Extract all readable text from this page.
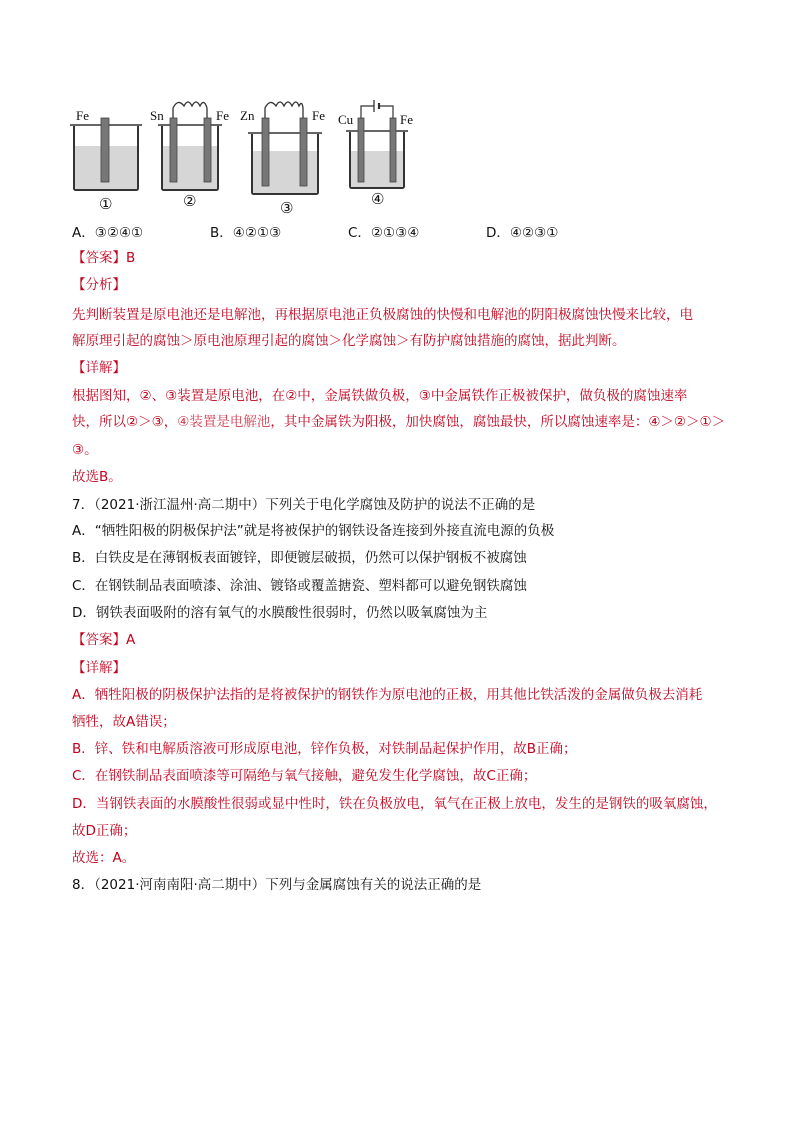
Fe
①
Sn	Fe
②
Zn	Fe
③
Cu	Fe
④
A．③②④①	B．④②①③	C．②①③④	D．④②③①
【答案】B
【分析】
先判断装置是原电池还是电解池，再根据原电池正负极腐蚀的快慢和电解池的阴阳极腐蚀快慢来比较，电
解原理引起的腐蚀＞原电池原理引起的腐蚀＞化学腐蚀＞有防护腐蚀措施的腐蚀，据此判断。
【详解】
根据图知，②、③装置是原电池，在②中，金属铁做负极，③中金属铁作正极被保护，做负极的腐蚀速率
快，所以②＞③，④装置是电解池，其中金属铁为阳极，加快腐蚀，腐蚀最快，所以腐蚀速率是：④＞②＞①＞
③。
故选B。
7．（2021·浙江温州·高二期中）下列关于电化学腐蚀及防护的说法不正确的是
A．“牺牲阳极的阴极保护法”就是将被保护的钢铁设备连接到外接直流电源的负极
B．白铁皮是在薄钢板表面镀锌，即便镀层破损，仍然可以保护钢板不被腐蚀
C．在钢铁制品表面喷漆、涂油、镀铬或覆盖搪瓷、塑料都可以避免钢铁腐蚀
D．钢铁表面吸附的溶有氧气的水膜酸性很弱时，仍然以吸氧腐蚀为主
【答案】A
【详解】
A．牺牲阳极的阴极保护法指的是将被保护的钢铁作为原电池的正极，用其他比铁活泼的金属做负极去消耗
牺牲，故A错误；
B．锌、铁和电解质溶液可形成原电池，锌作负极，对铁制品起保护作用，故B正确；
C．在钢铁制品表面喷漆等可隔绝与氧气接触，避免发生化学腐蚀，故C正确；
D．当钢铁表面的水膜酸性很弱或显中性时，铁在负极放电，氧气在正极上放电，发生的是钢铁的吸氧腐蚀，
故D正确；
故选：A。
8．（2021·河南南阳·高二期中）下列与金属腐蚀有关的说法正确的是
